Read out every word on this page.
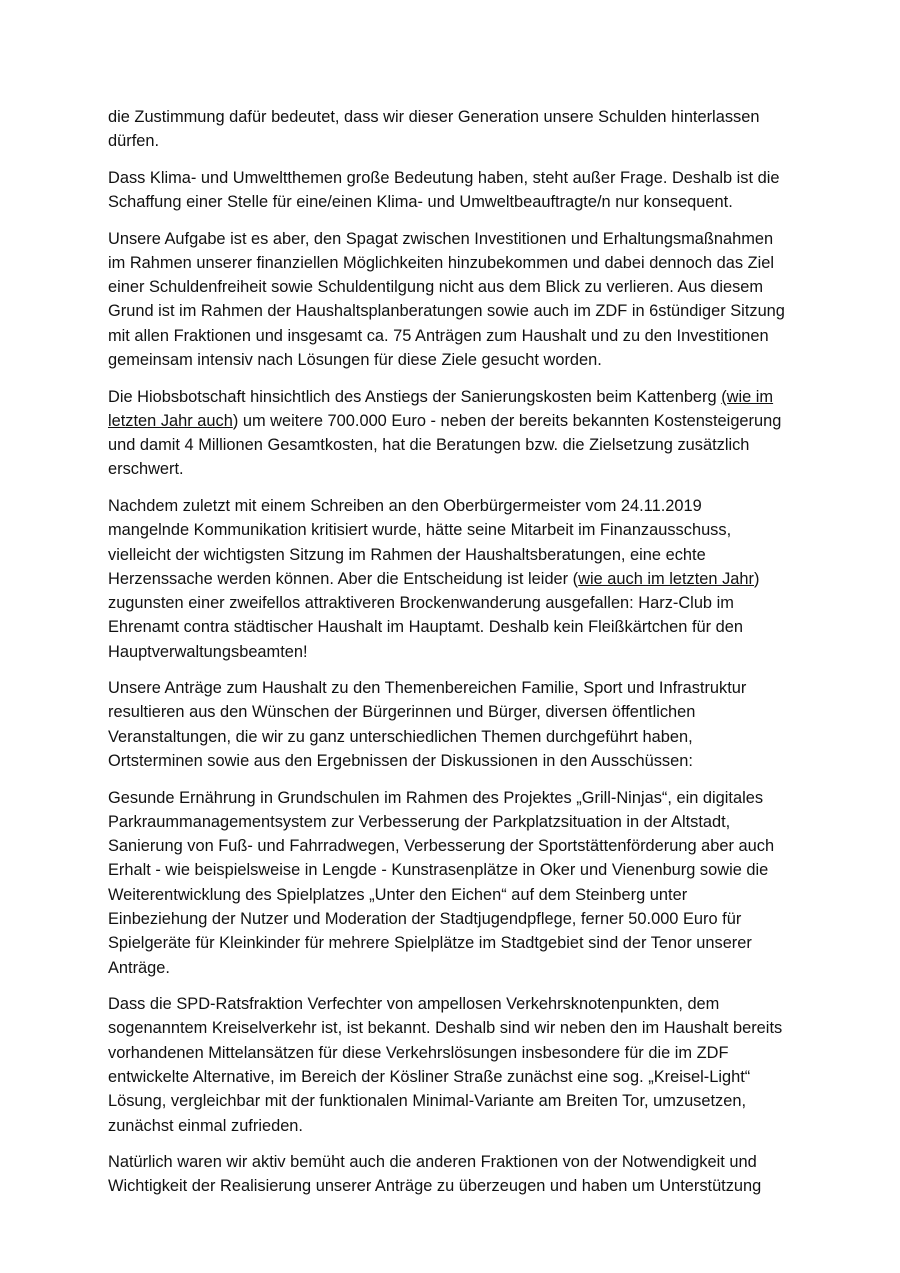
die Zustimmung dafür bedeutet, dass wir dieser Generation unsere Schulden hinterlassen
dürfen.

Dass Klima- und Umweltthemen große Bedeutung haben, steht außer Frage. Deshalb ist die
Schaffung einer Stelle für eine/einen Klima- und Umweltbeauftragte/n nur konsequent.

Unsere Aufgabe ist es aber, den Spagat zwischen Investitionen und Erhaltungsmaßnahmen
im Rahmen unserer finanziellen Möglichkeiten hinzubekommen und dabei dennoch das Ziel
einer Schuldenfreiheit sowie Schuldentilgung nicht aus dem Blick zu verlieren. Aus diesem
Grund ist im Rahmen der Haushaltsplanberatungen sowie auch im ZDF in 6stündiger Sitzung
mit allen Fraktionen und insgesamt ca. 75 Anträgen zum Haushalt und zu den Investitionen
gemeinsam intensiv nach Lösungen für diese Ziele gesucht worden.

Die Hiobsbotschaft hinsichtlich des Anstiegs der Sanierungskosten beim Kattenberg (wie im
letzten Jahr auch) um weitere 700.000 Euro - neben der bereits bekannten Kostensteigerung
und damit 4 Millionen Gesamtkosten, hat die Beratungen bzw. die Zielsetzung zusätzlich
erschwert.

Nachdem zuletzt mit einem Schreiben an den Oberbürgermeister vom 24.11.2019
mangelnde Kommunikation kritisiert wurde, hätte seine Mitarbeit im Finanzausschuss,
vielleicht der wichtigsten Sitzung im Rahmen der Haushaltsberatungen, eine echte
Herzenssache werden können. Aber die Entscheidung ist leider (wie auch im letzten Jahr)
zugunsten einer zweifellos attraktiveren Brockenwanderung ausgefallen: Harz-Club im
Ehrenamt contra städtischer Haushalt im Hauptamt. Deshalb kein Fleißkärtchen für den
Hauptverwaltungsbeamten!

Unsere Anträge zum Haushalt zu den Themenbereichen Familie, Sport und Infrastruktur
resultieren aus den Wünschen der Bürgerinnen und Bürger, diversen öffentlichen
Veranstaltungen, die wir zu ganz unterschiedlichen Themen durchgeführt haben,
Ortsterminen sowie aus den Ergebnissen der Diskussionen in den Ausschüssen:

Gesunde Ernährung in Grundschulen im Rahmen des Projektes „Grill-Ninjas“, ein digitales
Parkraummanagementsystem zur Verbesserung der Parkplatzsituation in der Altstadt,
Sanierung von Fuß- und Fahrradwegen, Verbesserung der Sportstättenförderung aber auch
Erhalt - wie beispielsweise in Lengde - Kunstrasenplätze in Oker und Vienenburg sowie die
Weiterentwicklung des Spielplatzes „Unter den Eichen“ auf dem Steinberg unter
Einbeziehung der Nutzer und Moderation der Stadtjugendpflege, ferner 50.000 Euro für
Spielgeräte für Kleinkinder für mehrere Spielplätze im Stadtgebiet sind der Tenor unserer
Anträge.

Dass die SPD-Ratsfraktion Verfechter von ampellosen Verkehrsknotenpunkten, dem
sogenanntem Kreiselverkehr ist, ist bekannt. Deshalb sind wir neben den im Haushalt bereits
vorhandenen Mittelansätzen für diese Verkehrslösungen insbesondere für die im ZDF
entwickelte Alternative, im Bereich der Kösliner Straße zunächst eine sog. „Kreisel-Light“
Lösung, vergleichbar mit der funktionalen Minimal-Variante am Breiten Tor, umzusetzen,
zunächst einmal zufrieden.

Natürlich waren wir aktiv bemüht auch die anderen Fraktionen von der Notwendigkeit und
Wichtigkeit der Realisierung unserer Anträge zu überzeugen und haben um Unterstützung
